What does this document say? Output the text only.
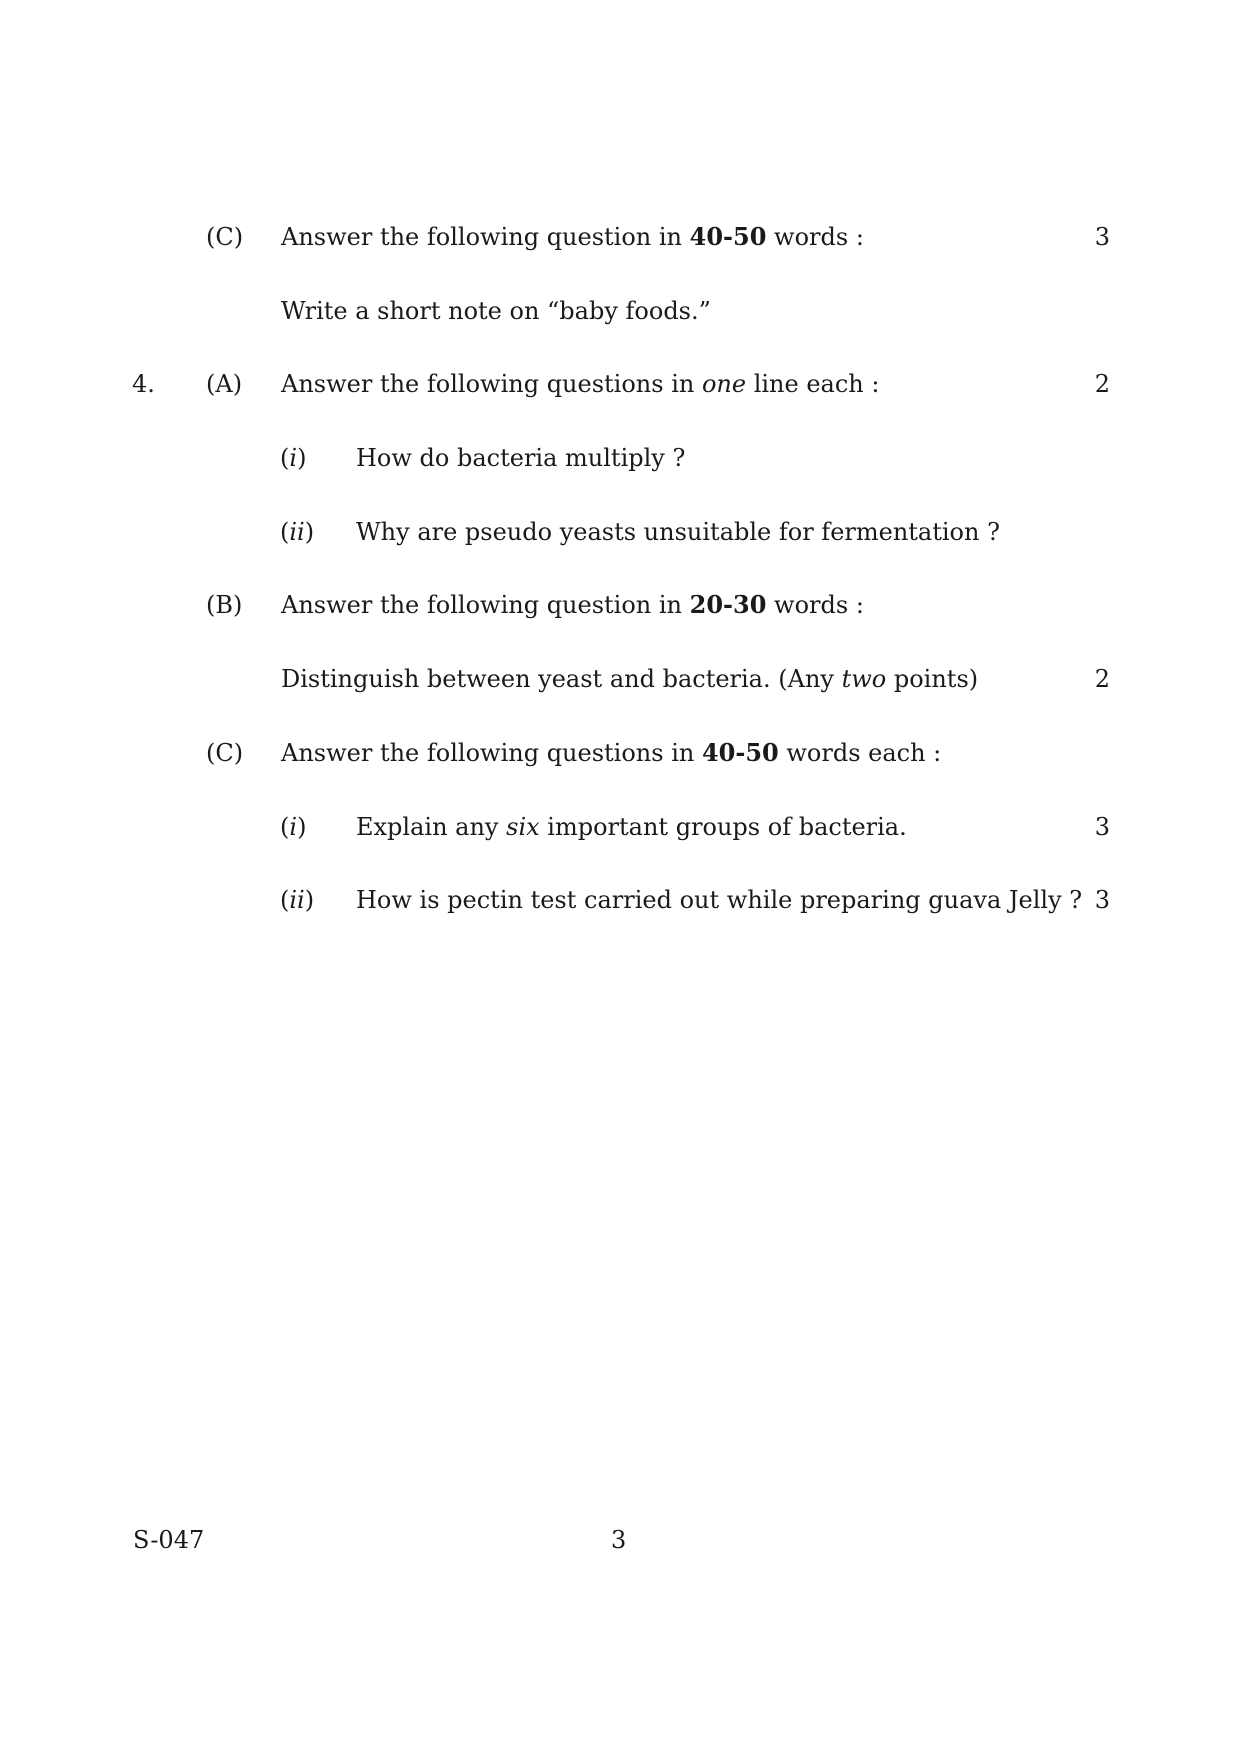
(C) Answer the following question in 40-50 words :	3
Write a short note on “baby foods.”
4. (A) Answer the following questions in one line each :	2
(i) How do bacteria multiply ?
(ii) Why are pseudo yeasts unsuitable for fermentation ?
(B) Answer the following question in 20-30 words :
Distinguish between yeast and bacteria. (Any two points)	2
(C) Answer the following questions in 40-50 words each :
(i) Explain any six important groups of bacteria.	3
(ii) How is pectin test carried out while preparing guava Jelly ? 3
S-047	3
